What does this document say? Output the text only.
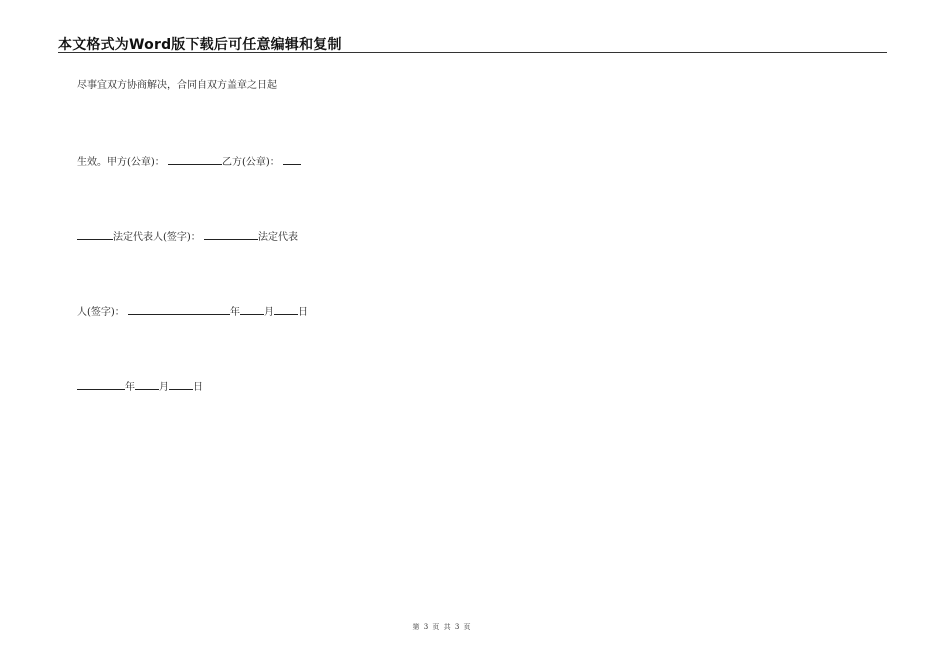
本文格式为Word版下载后可任意编辑和复制
尽事宜双方协商解决，合同自双方盖章之日起
生效。甲方(公章)：	乙方(公章)：
法定代表人(签字)：	法定代表
人(签字)：	年 月 日
年 月 日
第 3 页 共 3 页
